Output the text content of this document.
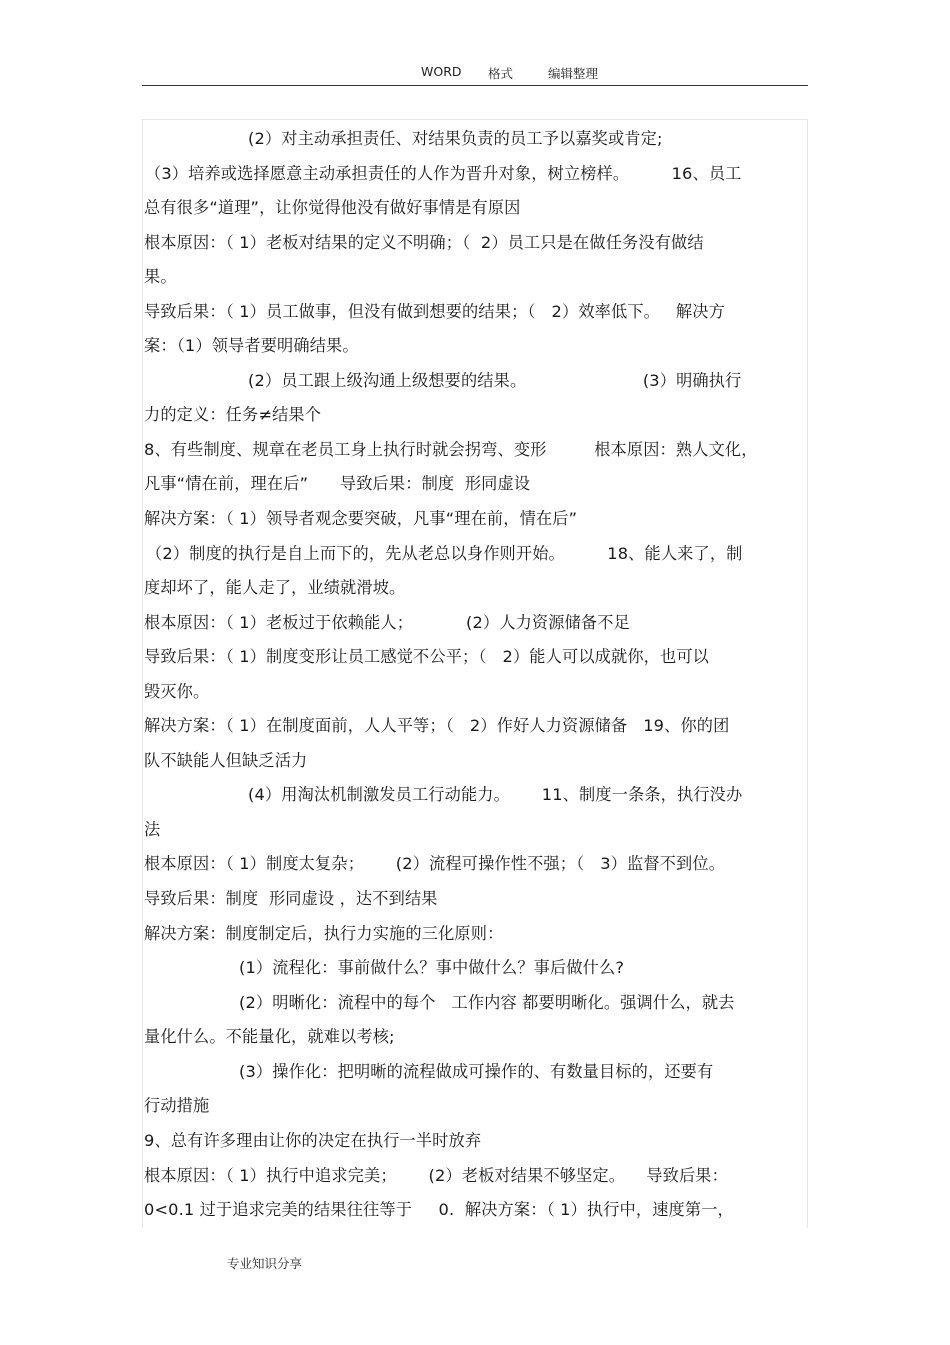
WORD 格式	编辑整理
(2）对主动承担责任、对结果负责的员工予以嘉奖或肯定;
（3）培养或选择愿意主动承担责任的人作为晋升对象，树立榜样。        16、员工
总有很多“道理”，让你觉得他没有做好事情是有原因
根本原因：（ 1）老板对结果的定义不明确；（  2）员工只是在做任务没有做结
果。
导致后果：（ 1）员工做事，但没有做到想要的结果；（   2）效率低下。   解决方
案：（1）领导者要明确结果。
(2）员工跟上级沟通上级想要的结果。                      (3）明确执行
力的定义：任务≠结果个
8、有些制度、规章在老员工身上执行时就会拐弯、变形         根本原因：熟人文化，
凡事“情在前，理在后”      导致后果：制度  形同虚设
解决方案：（ 1）领导者观念要突破，凡事“理在前，情在后”
（2）制度的执行是自上而下的，先从老总以身作则开始。        18、能人来了，制
度却坏了，能人走了，业绩就滑坡。
根本原因：（ 1）老板过于依赖能人；          (2）人力资源储备不足
导致后果：（ 1）制度变形让员工感觉不公平；（   2）能人可以成就你，也可以
毁灭你。
解决方案：（ 1）在制度面前，人人平等；（   2）作好人力资源储备   19、你的团
队不缺能人但缺乏活力
(4）用淘汰机制激发员工行动能力。      11、制度一条条，执行没办
法
根本原因：（ 1）制度太复杂；      (2）流程可操作性不强；（   3）监督不到位。
导致后果：制度  形同虚设 ，达不到结果
解决方案：制度制定后，执行力实施的三化原则：
(1）流程化：事前做什么？事中做什么？事后做什么?
(2）明晰化：流程中的每个   工作内容 都要明晰化。强调什么，就去
量化什么。不能量化，就难以考核;
(3）操作化：把明晰的流程做成可操作的、有数量目标的，还要有
行动措施
9、总有许多理由让你的决定在执行一半时放弃
根本原因：（ 1）执行中追求完美；      (2）老板对结果不够坚定。    导致后果：
0<0.1 过于追求完美的结果往往等于     0.  解决方案：（ 1）执行中，速度第一，
专业知识分享
